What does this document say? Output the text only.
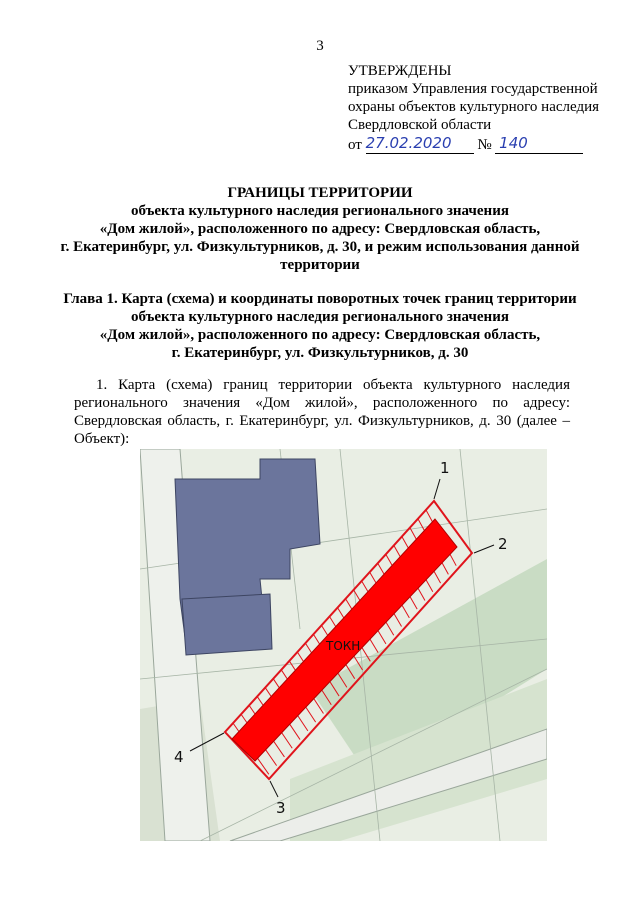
3
УТВЕРЖДЕНЫ
приказом Управления государственной
охраны объектов культурного наследия
Свердловской области
от 27.02.2020 № 140
ГРАНИЦЫ ТЕРРИТОРИИ
объекта культурного наследия регионального значения
«Дом жилой», расположенного по адресу: Свердловская область,
г. Екатеринбург, ул. Физкультурников, д. 30, и режим использования данной
территории
Глава 1. Карта (схема) и координаты поворотных точек границ территории
объекта культурного наследия регионального значения
«Дом жилой», расположенного по адресу: Свердловская область,
г. Екатеринбург, ул. Физкультурников, д. 30
1. Карта (схема) границ территории объекта культурного наследия регионального значения «Дом жилой», расположенного по адресу: Свердловская область, г. Екатеринбург, ул. Физкультурников, д. 30 (далее – Объект):
1
2
3
4
ТОКН
